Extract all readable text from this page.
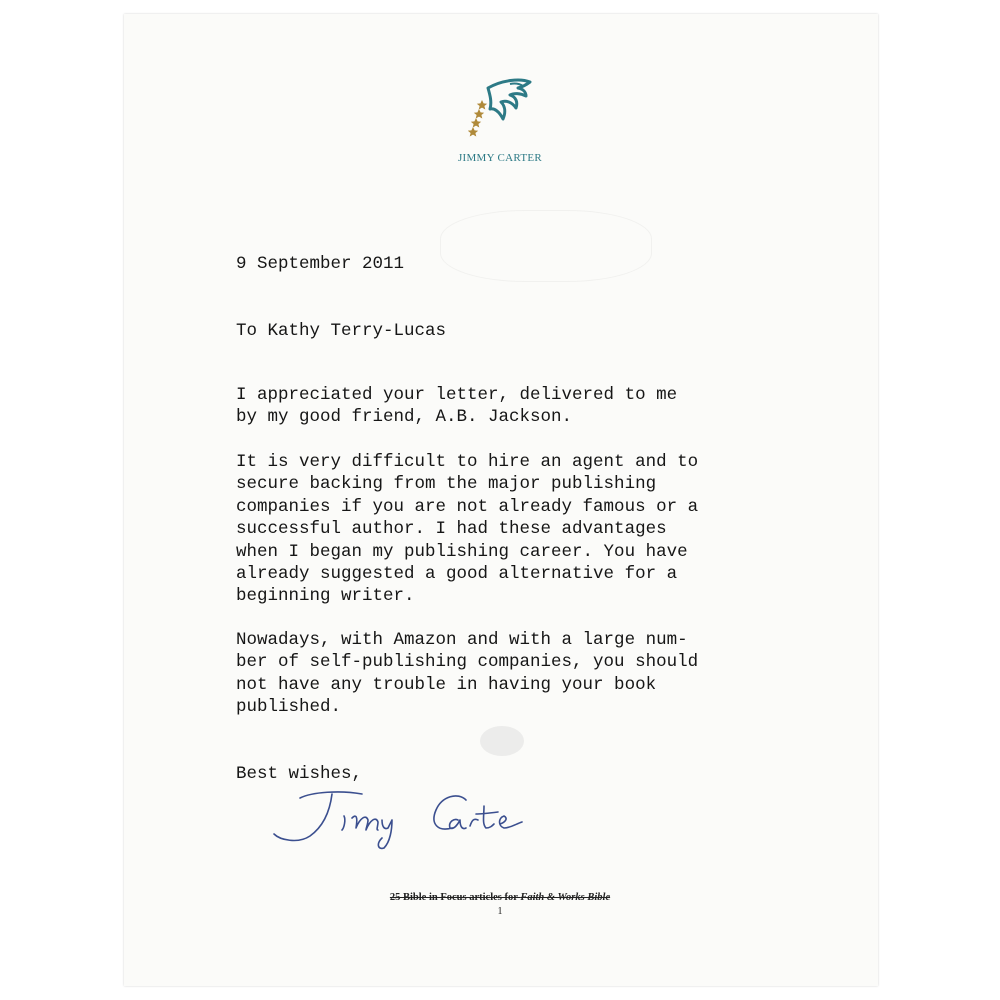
JIMMY CARTER
9 September 2011
To Kathy Terry-Lucas
I appreciated your letter, delivered to me
by my good friend, A.B. Jackson.
It is very difficult to hire an agent and to
secure backing from the major publishing
companies if you are not already famous or a
successful author. I had these advantages
when I began my publishing career. You have
already suggested a good alternative for a
beginning writer.
Nowadays, with Amazon and with a large num-
ber of self-publishing companies, you should
not have any trouble in having your book
published.
Best wishes,
25 Bible in Focus articles for Faith & Works Bible
1
